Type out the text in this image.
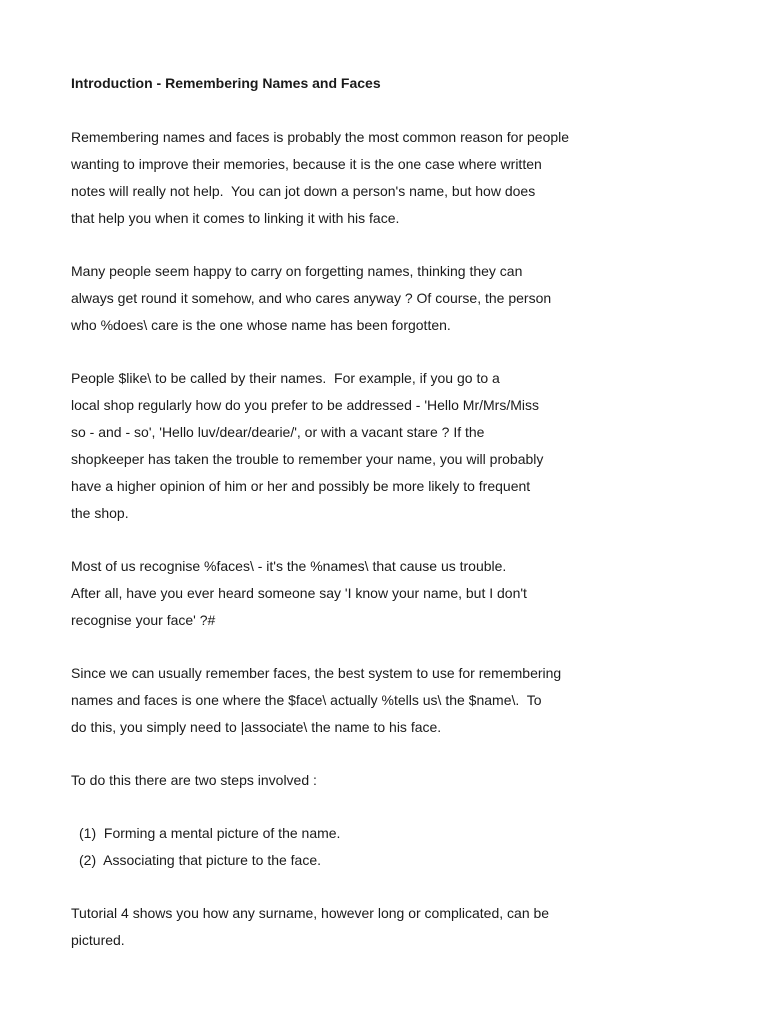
Introduction - Remembering Names and Faces
Remembering names and faces is probably the most common reason for people
wanting to improve their memories, because it is the one case where written
notes will really not help.  You can jot down a person's name, but how does
that help you when it comes to linking it with his face.
Many people seem happy to carry on forgetting names, thinking they can
always get round it somehow, and who cares anyway ? Of course, the person
who %does\ care is the one whose name has been forgotten.
People $like\ to be called by their names.  For example, if you go to a
local shop regularly how do you prefer to be addressed - 'Hello Mr/Mrs/Miss
so - and - so', 'Hello luv/dear/dearie/', or with a vacant stare ? If the
shopkeeper has taken the trouble to remember your name, you will probably
have a higher opinion of him or her and possibly be more likely to frequent
the shop.
Most of us recognise %faces\ - it's the %names\ that cause us trouble.
After all, have you ever heard someone say 'I know your name, but I don't
recognise your face' ?#
Since we can usually remember faces, the best system to use for remembering
names and faces is one where the $face\ actually %tells us\ the $name\.  To
do this, you simply need to |associate\ the name to his face.
To do this there are two steps involved :
(1)  Forming a mental picture of the name.
(2)  Associating that picture to the face.
Tutorial 4 shows you how any surname, however long or complicated, can be
pictured.
